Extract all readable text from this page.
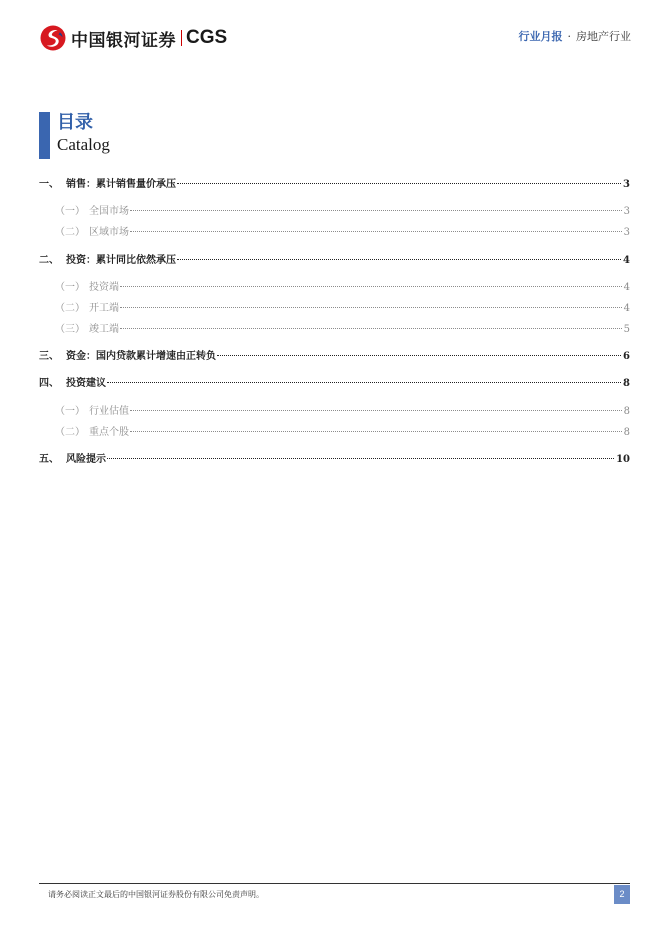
中国银河证券 CGS	行业月报 · 房地产行业
目录
Catalog
一、 销售：累计销售量价承压	3
（一） 全国市场	3
（二） 区域市场	3
二、 投资：累计同比依然承压	4
（一） 投资端	4
（二） 开工端	4
（三） 竣工端	5
三、 资金：国内贷款累计增速由正转负	6
四、 投资建议	8
（一） 行业估值	8
（二） 重点个股	8
五、 风险提示	10
请务必阅读正文最后的中国银河证券股份有限公司免责声明。	2
